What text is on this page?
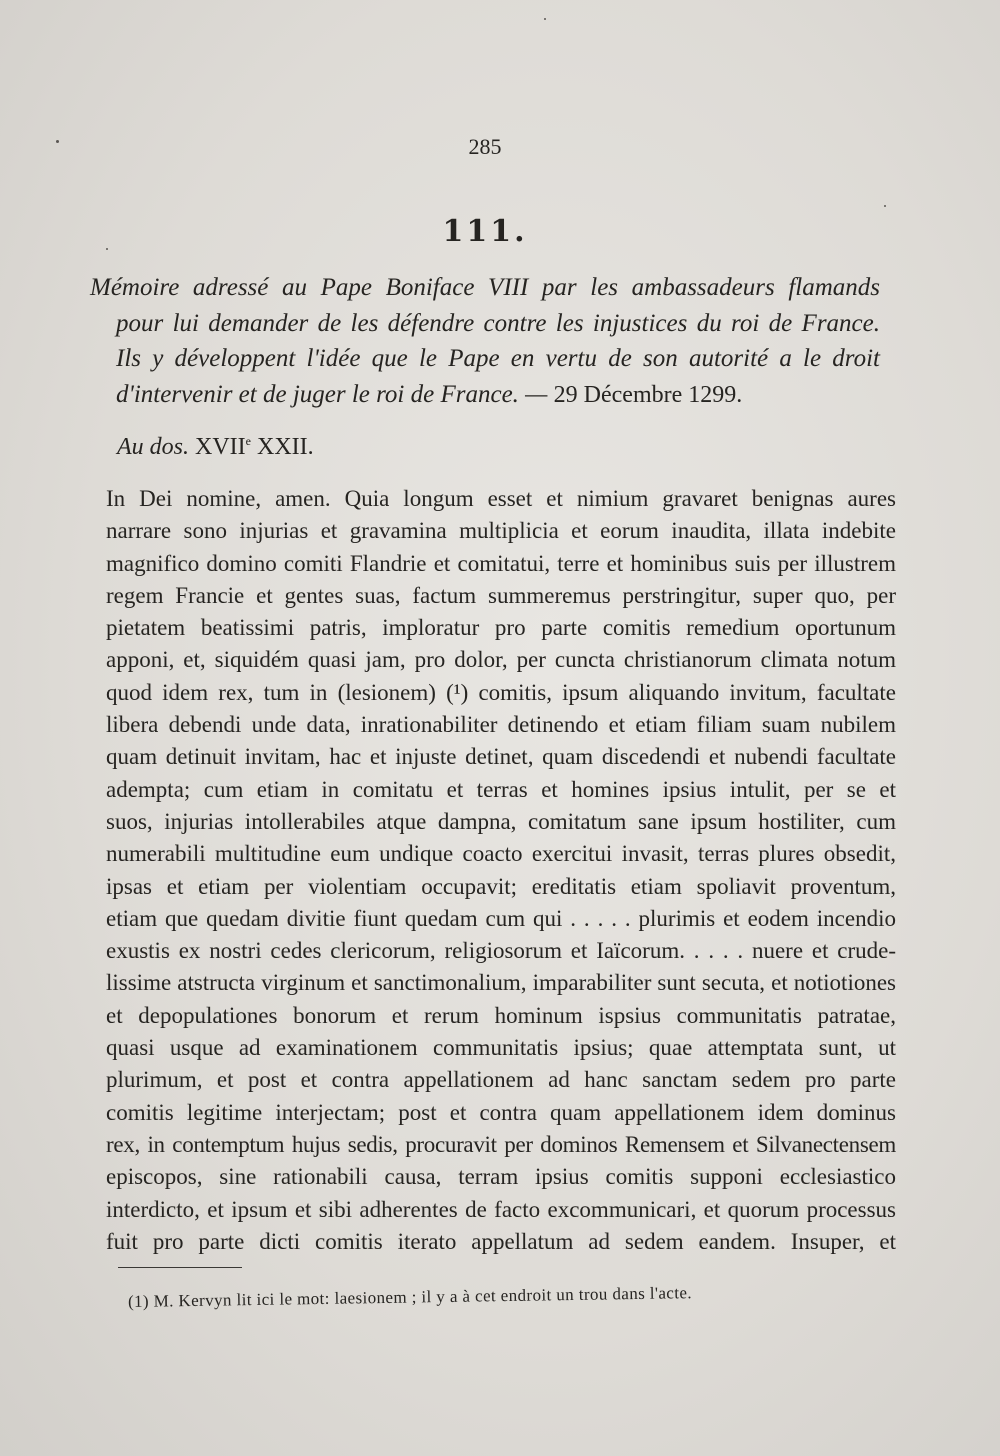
285
111.
Mémoire adressé au Pape Boniface VIII par les ambassadeurs flamands
pour lui demander de les défendre contre les injustices du roi de France.
Ils y développent l'idée que le Pape en vertu de son autorité a le droit
d'intervenir et de juger le roi de France. — 29 Décembre 1299.
Au dos. XVIIe XXII.
In Dei nomine, amen. Quia longum esset et nimium gravaret benignas aures
narrare sono injurias et gravamina multiplicia et eorum inaudita, illata indebite
magnifico domino comiti Flandrie et comitatui, terre et hominibus suis per illustrem
regem Francie et gentes suas, factum summeremus perstringitur, super quo, per
pietatem beatissimi patris, imploratur pro parte comitis remedium oportunum
apponi, et, siquidém quasi jam, pro dolor, per cuncta christianorum climata notum
quod idem rex, tum in (lesionem) (¹) comitis, ipsum aliquando invitum, facultate
libera debendi unde data, inrationabiliter detinendo et etiam filiam suam nubilem
quam detinuit invitam, hac et injuste detinet, quam discedendi et nubendi facultate
adempta; cum etiam in comitatu et terras et homines ipsius intulit, per se et
suos, injurias intollerabiles atque dampna, comitatum sane ipsum hostiliter, cum
numerabili multitudine eum undique coacto exercitui invasit, terras plures obsedit,
ipsas et etiam per violentiam occupavit; ereditatis etiam spoliavit proventum,
etiam que quedam divitie fiunt quedam cum qui . . . . . plurimis et eodem incendio
exustis ex nostri cedes clericorum, religiosorum et Iaïcorum. . . . . nuere et crude-
lissime atstructa virginum et sanctimonalium, imparabiliter sunt secuta, et notiotiones
et depopulationes bonorum et rerum hominum ispsius communitatis patratae,
quasi usque ad examinationem communitatis ipsius; quae attemptata sunt, ut
plurimum, et post et contra appellationem ad hanc sanctam sedem pro parte
comitis legitime interjectam; post et contra quam appellationem idem dominus
rex, in contemptum hujus sedis, procuravit per dominos Remensem et Silvanectensem
episcopos, sine rationabili causa, terram ipsius comitis supponi ecclesiastico
interdicto, et ipsum et sibi adherentes de facto excommunicari, et quorum processus
fuit pro parte dicti comitis iterato appellatum ad sedem eandem. Insuper, et
(1) M. Kervyn lit ici le mot: laesionem ; il y a à cet endroit un trou dans l'acte.
